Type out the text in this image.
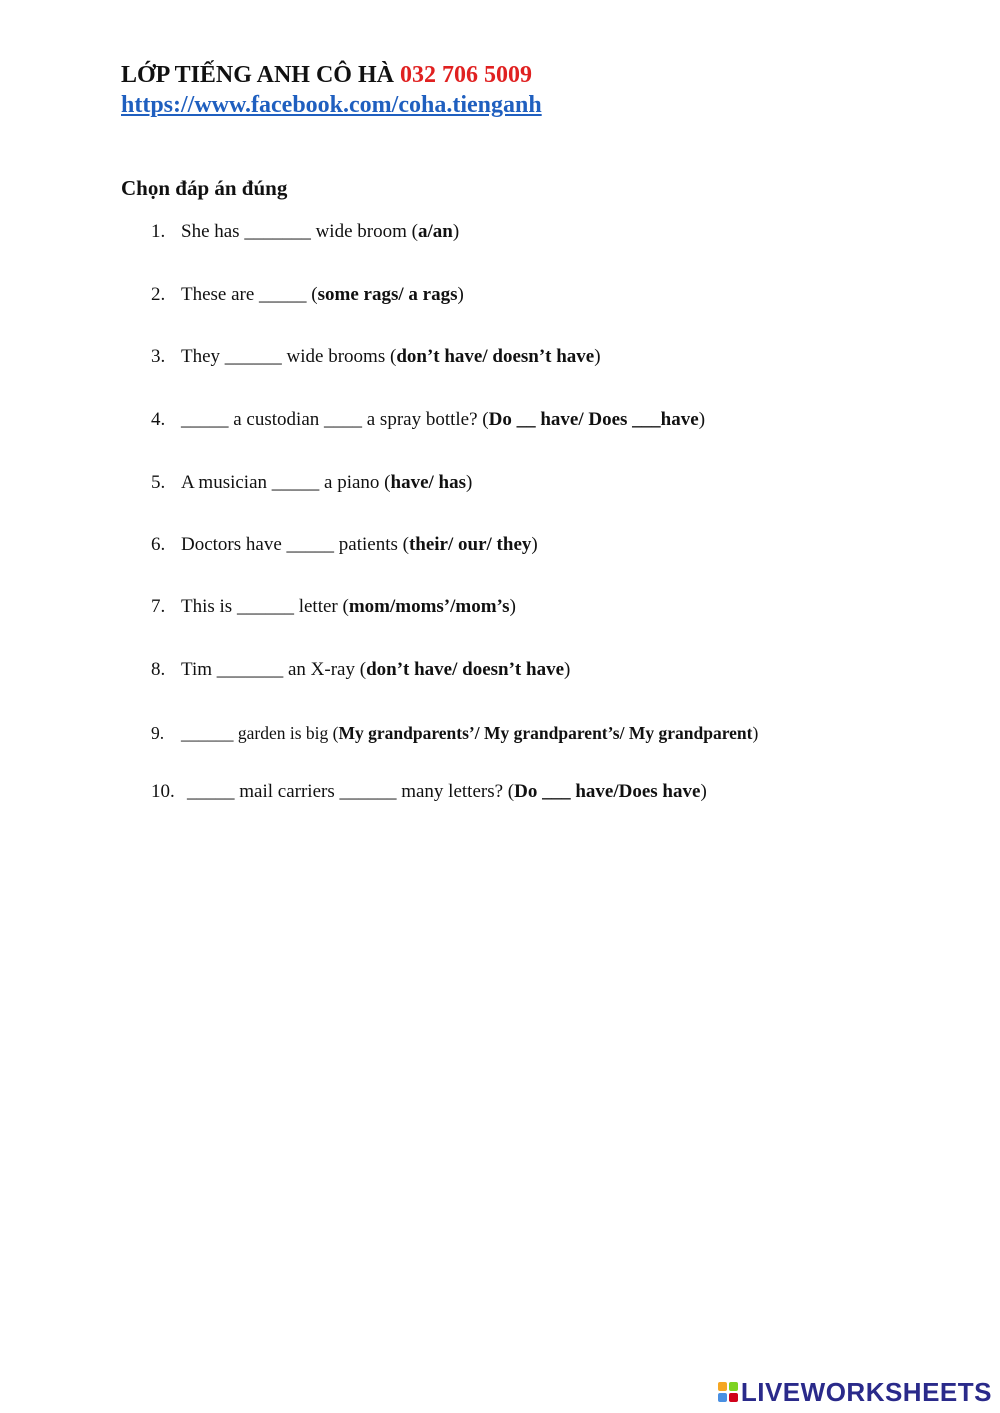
LỚP TIẾNG ANH CÔ HÀ 032 706 5009
https://www.facebook.com/coha.tienganh
Chọn đáp án đúng
1. She has _______ wide broom (a/an)
2. These are _____ (some rags/ a rags)
3. They ______ wide brooms (don’t have/ doesn’t have)
4. _____ a custodian ____ a spray bottle? (Do __ have/ Does ___have)
5. A musician _____ a piano (have/ has)
6. Doctors have _____ patients (their/ our/ they)
7. This is ______ letter (mom/moms’/mom’s)
8. Tim _______ an X-ray (don’t have/ doesn’t have)
9. ______ garden is big (My grandparents’/ My grandparent’s/ My grandparent)
10. _____ mail carriers ______ many letters? (Do ___ have/Does have)
LIVEWORKSHEETS
